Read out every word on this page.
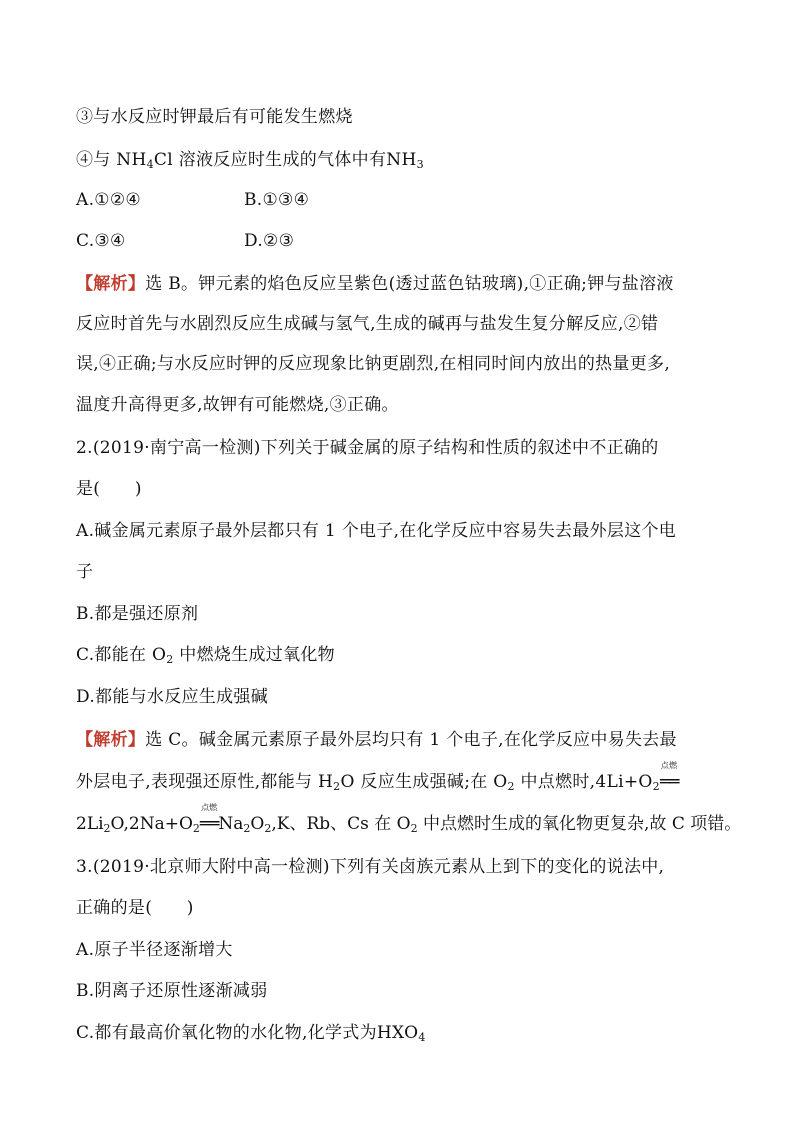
③与水反应时钾最后有可能发生燃烧
④与 $NH_4Cl$ 溶液反应时生成的气体中有$NH_3$
A.①②④	B.①③④
C.③④	D.②③
【解析】选 B。钾元素的焰色反应呈紫色(透过蓝色钴玻璃),①正确;钾与盐溶液
反应时首先与水剧烈反应生成碱与氢气,生成的碱再与盐发生复分解反应,②错
误,④正确;与水反应时钾的反应现象比钠更剧烈,在相同时间内放出的热量更多,
温度升高得更多,故钾有可能燃烧,③正确。
2.(2019·南宁高一检测)下列关于碱金属的原子结构和性质的叙述中不正确的
是(　　)
A.碱金属元素原子最外层都只有 1 个电子,在化学反应中容易失去最外层这个电
子
B.都是强还原剂
C.都能在 $O_2$ 中燃烧生成过氧化物
D.都能与水反应生成强碱
【解析】选 C。碱金属元素原子最外层均只有 1 个电子,在化学反应中易失去最
外层电子,表现强还原性,都能与 $H_2O$ 反应生成强碱;在 $O_2$ 中点燃时$,4Li+O_2$
点燃
══
$2Li_2O,2Na+O_2$
点燃
$══Na_2O_2,K$、Rb、Cs 在 $O_2$ 中点燃时生成的氧化物更复杂,故 C 项错。
3.(2019·北京师大附中高一检测)下列有关卤族元素从上到下的变化的说法中,
正确的是(　　)
A.原子半径逐渐增大
B.阴离子还原性逐渐减弱
C.都有最高价氧化物的水化物,化学式为$HXO_4$
